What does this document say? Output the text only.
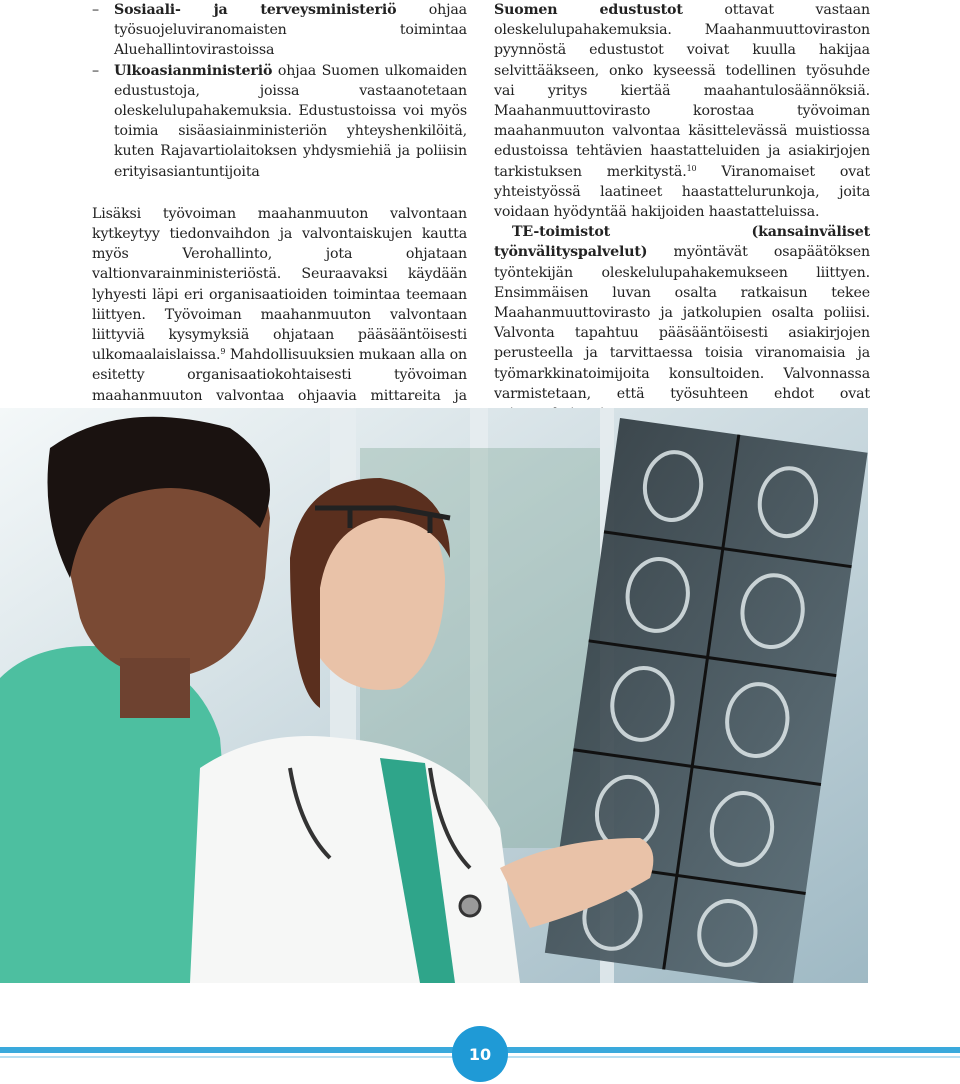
– Sosiaali- ja terveysministeriö ohjaa työsuojeluviranomaisten toimintaa Aluehallintovirastoissa
– Ulkoasianministeriö ohjaa Suomen ulkomaiden edustustoja, joissa vastaanotetaan oleskelulupahakemuksia. Edustustoissa voi myös toimia sisäasiainministeriön yhteyshenkilöitä, kuten Rajavartiolaitoksen yhdysmiehiä ja poliisin erityisasiantuntijoita

Lisäksi työvoiman maahanmuuton valvontaan kytkeytyy tiedonvaihdon ja valvontaiskujen kautta myös Verohallinto, jota ohjataan valtionvarainministeriöstä. Seuraavaksi käydään lyhyesti läpi eri organisaatioiden toimintaa teemaan liittyen. Työvoiman maahanmuuton valvontaan liittyviä kysymyksiä ohjataan pääsääntöisesti ulkomaalaislaissa.$^9$ Mahdollisuuksien mukaan alla on esitetty organisaatiokohtaisesti työvoiman maahanmuuton valvontaa ohjaavia mittareita ja

Suomen edustustot ottavat vastaan oleskelulupahakemuksia. Maahanmuuttoviraston pyynnöstä edustustot voivat kuulla hakijaa selvittääkseen, onko kyseessä todellinen työsuhde vai yritys kiertää maahantulosäännöksiä. Maahanmuuttovirasto korostaa työvoiman maahanmuuton valvontaa käsittelevässä muistiossa edustoissa tehtävien haastatteluiden ja asiakirjojen tarkistuksen merkitystä.$^{10}$ Viranomaiset ovat yhteistyössä laatineet haastattelurunkoja, joita voidaan hyödyntää hakijoiden haastatteluissa.

TE-toimistot (kansainväliset työnvälityspalvelut) myöntävät osapäätöksen työntekijän oleskelulupahakemukseen liittyen. Ensimmäisen luvan osalta ratkaisun tekee Maahanmuuttovirasto ja jatkolupien osalta poliisi. Valvonta tapahtuu pääsääntöisesti asiakirjojen perusteella ja tarvittaessa toisia viranomaisia ja työmarkkinatoimijoita konsultoiden. Valvonnassa varmistetaan, että työsuhteen ehdot ovat

10
